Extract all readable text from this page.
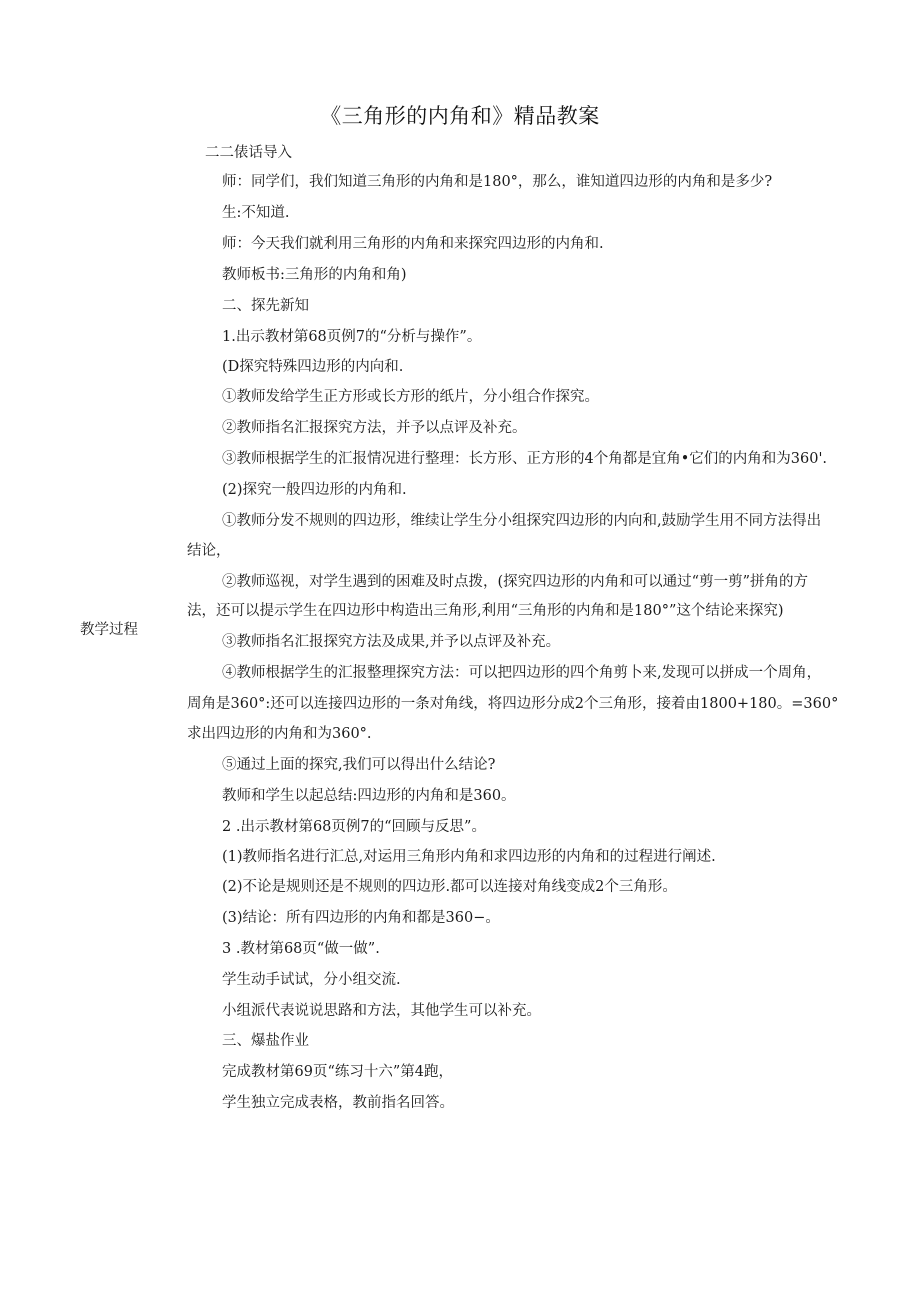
《三角形的内角和》精品教案
教学过程
二二俵话导入
师：同学们，我们知道三角形的内角和是180°，那么，谁知道四边形的内角和是多少?
生:不知道.
师：今天我们就利用三角形的内角和来探究四边形的内角和.
教师板书:三角形的内角和角)
二、探先新知
1.出示教材第68页例7的“分析与操作”。
(D探究特殊四边形的内向和.
①教师发给学生正方形或长方形的纸片，分小组合作探究。
②教师指名汇报探究方法，并予以点评及补充。
③教师根据学生的汇报情况进行整理：长方形、正方形的4个角都是宜角•它们的内角和为360'.
(2)探究一般四边形的内角和.
①教师分发不规则的四边形，维续让学生分小组探究四边形的内向和,鼓励学生用不同方法得出
结论，
②教师巡视，对学生遇到的困难及时点拨，(探究四边形的内角和可以通过“剪一剪”拼角的方
法，还可以提示学生在四边形中构造出三角形,利用“三角形的内角和是180°”这个结论来探究)
③教师指名汇报探究方法及成果,并予以点评及补充。
④教师根据学生的汇报整理探究方法：可以把四边形的四个角剪卜来,发现可以拼成一个周角，
周角是360°:还可以连接四边形的一条对角线，将四边形分成2个三角形，接着由1800+180。=360°
求出四边形的内角和为360°.
⑤通过上面的探究,我们可以得出什么结论?
教师和学生以起总结:四边形的内角和是360。
2 .出示教材第68页例7的“回顾与反思”。
(1)教师指名进行汇总,对运用三角形内角和求四边形的内角和的过程进行阐述.
(2)不论是规则还是不规则的四边形.都可以连接对角线变成2个三角形。
(3)结论：所有四边形的内角和都是360−。
3 .教材第68页“做一做”.
学生动手试试，分小组交流.
小组派代表说说思路和方法，其他学生可以补充。
三、爆盐作业
完成教材第69页“练习十六”第4跑，
学生独立完成表格，教前指名回答。
